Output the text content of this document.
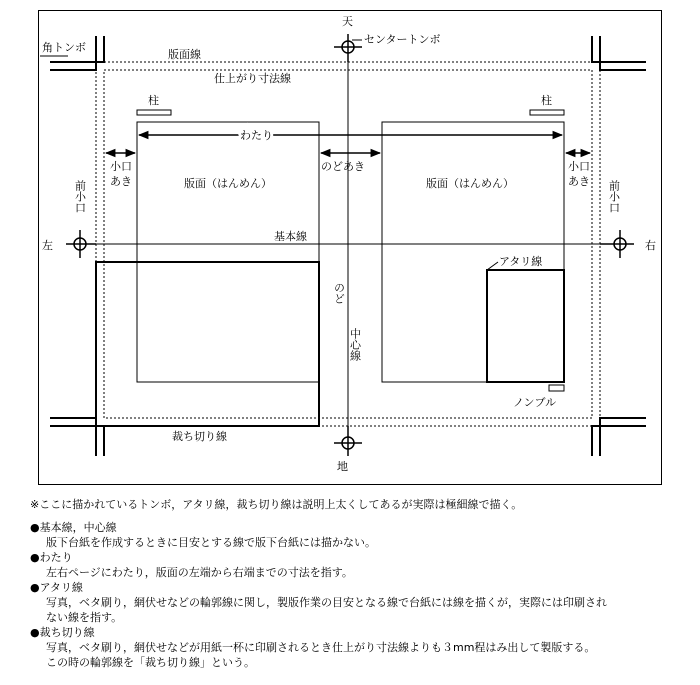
天
センタートンボ
角トンボ
版面線
仕上がり寸法線
柱	柱
わたり
小口
あき
のどあき	小口
あき
版面（はんめん）	版面（はんめん）
前小口	前小口
左	右
基本線
アタリ線
のど
中心線
ノンブル
裁ち切り線
地
※ここに描かれているトンボ，アタリ線，裁ち切り線は説明上太くしてあるが実際は極細線で描く。
● 基本線，中心線
版下台紙を作成するときに目安とする線で版下台紙には描かない。
● わたり
左右ページにわたり，版面の左端から右端までの寸法を指す。
● アタリ線
写真，ベタ刷り，網伏せなどの輪郭線に関し，製版作業の目安となる線で台紙には線を描くが，実際には印刷され
ない線を指す。
● 裁ち切り線
写真，ベタ刷り，網伏せなどが用紙一杯に印刷されるとき仕上がり寸法線よりも３mm程はみ出して製版する。
この時の輪郭線を「裁ち切り線」という。
